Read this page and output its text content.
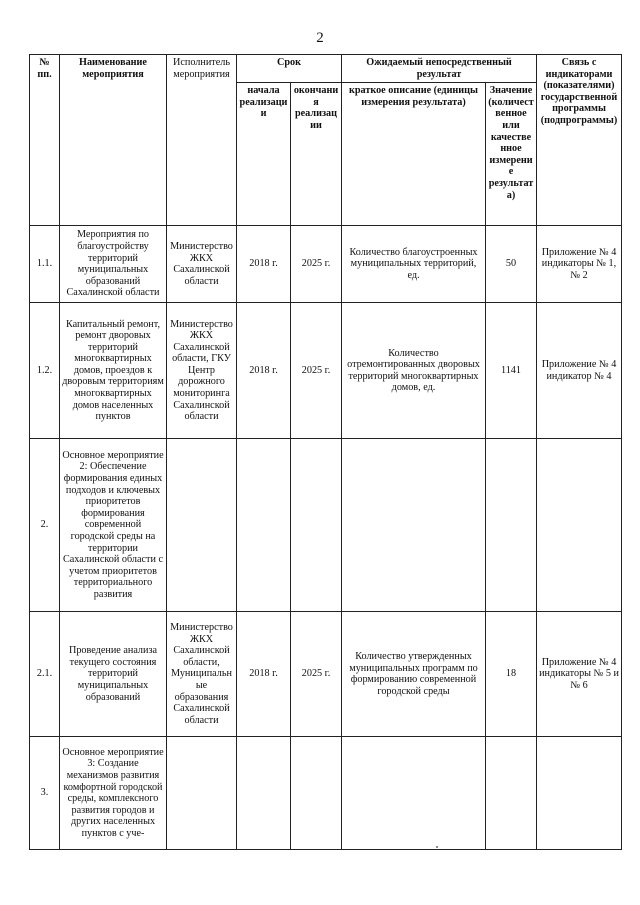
2
№ пп.	Наименование мероприятия	Исполнитель мероприятия	Срок		Ожидаемый непосредственный результат		Связь с индикаторами (показателями) государственной программы (подпрограммы)
			начала реализации	окончания реализации	краткое описание (единицы измерения результата)	Значение (количественное или качественное измерение результата)	
1.1.	Мероприятия по благоустройству территорий муниципальных образований Сахалинской области	Министерство ЖКХ Сахалинской области	2018 г.	2025 г.	Количество благоустроенных муниципальных территорий, ед.	50	Приложение № 4 индикаторы № 1, № 2
1.2.	Капитальный ремонт, ремонт дворовых территорий многоквартирных домов, проездов к дворовым территориям многоквартирных домов населенных пунктов	Министерство ЖКХ Сахалинской области, ГКУ Центр дорожного мониторинга Сахалинской области	2018 г.	2025 г.	Количество отремонтированных дворовых территорий многоквартирных домов, ед.	1141	Приложение № 4 индикатор № 4
2.	Основное мероприятие 2: Обеспечение формирования единых подходов и ключевых приоритетов формирования современной городской среды на территории Сахалинской области с учетом приоритетов территориального развития						
2.1.	Проведение анализа текущего состояния территорий муниципальных образований	Министерство ЖКХ Сахалинской области, Муниципальные образования Сахалинской области	2018 г.	2025 г.	Количество утвержденных муниципальных программ по формированию современной городской среды	18	Приложение № 4 индикаторы № 5 и № 6
3.	Основное мероприятие 3: Создание механизмов развития комфортной городской среды, комплексного развития городов и других населенных пунктов с уче-						
